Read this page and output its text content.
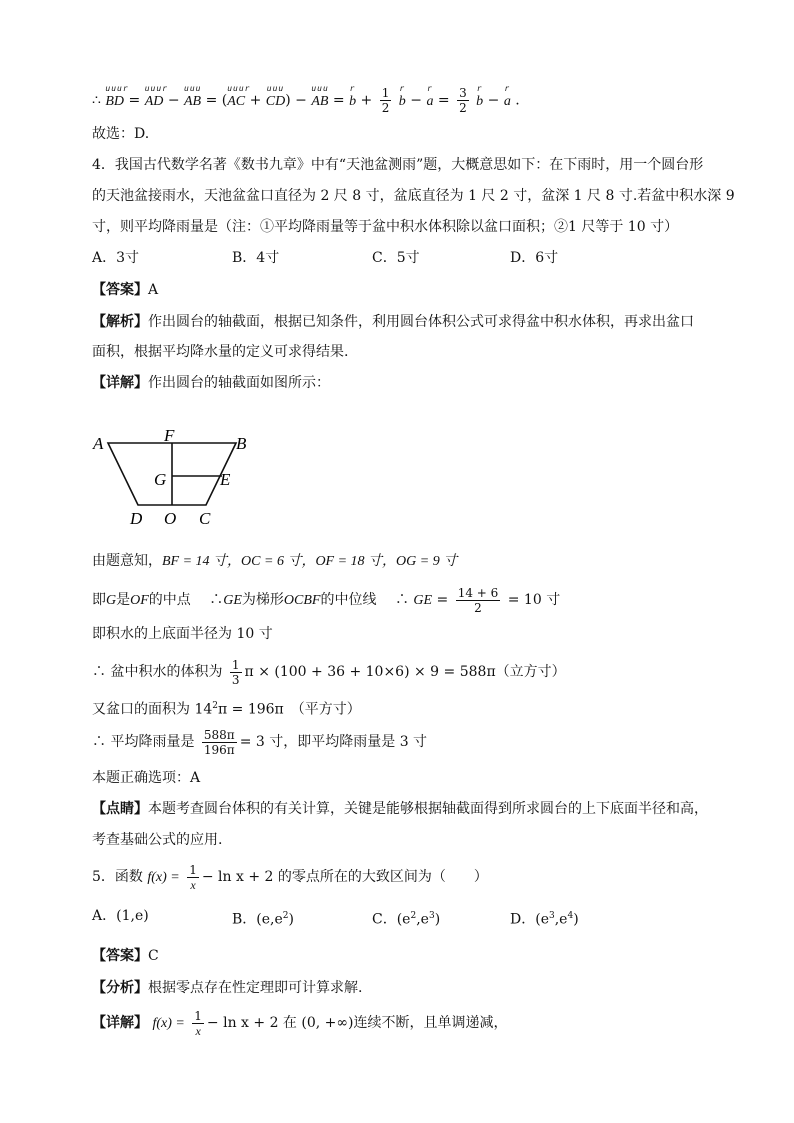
∴
uuur
BD =
uuur
AD −
uuu
AB = (
uuur
AC +
uuu
CD) −
uuu
AB =
r
$b + \frac{1}{2}$
r
b −
r
$a = \frac{3}{2}$
r
b −
r
a .
故选：D.
4．我国古代数学名著《数书九章》中有“天池盆测雨”题，大概意思如下：在下雨时，用一个圆台形
的天池盆接雨水，天池盆盆口直径为 2 尺 8 寸，盆底直径为 1 尺 2 寸，盆深 1 尺 8 寸.若盆中积水深 9
寸，则平均降雨量是（注：①平均降雨量等于盆中积水体积除以盆口面积；②1 尺等于 10 寸）
A．3寸	B．4寸	C．5寸	D．6寸
【答案】A
【解析】作出圆台的轴截面，根据已知条件，利用圆台体积公式可求得盆中积水体积，再求出盆口
面积，根据平均降水量的定义可求得结果.
【详解】作出圆台的轴截面如图所示：
A	F	B
G	E
D O C
由题意知，BF = 14 寸，OC = 6 寸，OF = 18 寸，OG = 9 寸
即G是OF的中点　 ∴GE为梯形OCBF的中位线　 ∴ GE = $\frac{14 + 6}{2} = 10$ 寸
即积水的上底面半径为 10 寸
∴ 盆中积水的体积为 $\frac{1}{3}$ π × (100 + 36 + 10×6) × 9 = 588π（立方寸）
又盆口的面积为 $14^2\pi = 196\pi$　（平方寸）
∴ 平均降雨量是 $\frac{588\pi}{196\pi} = 3$ 寸，即平均降雨量是 3 寸
本题正确选项：A
【点睛】本题考查圆台体积的有关计算，关键是能够根据轴截面得到所求圆台的上下底面半径和高，
考查基础公式的应用.
5．函数 $f(x) = \frac{1}{x} - \ln x + 2$ 的零点所在的大致区间为（　　）
A．(1,e)	B．$(e,e^2)$	C．$(e^2,e^3)$	D．$(e^3,e^4)$
【答案】C
【分析】根据零点存在性定理即可计算求解.
【详解】 $f(x) = \frac{1}{x} - \ln x + 2$ 在 (0, +∞)连续不断，且单调递减，
